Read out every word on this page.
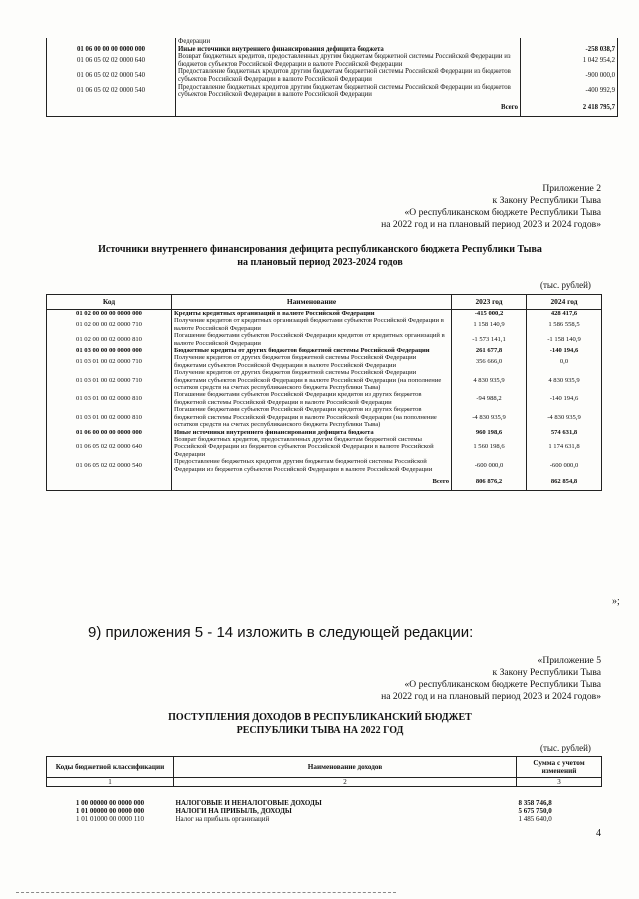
	Федерации	
01 06 00 00 00 0000 000	Иные источники внутреннего финансирования дефицита бюджета	-258 038,7
01 06 05 02 02 0000 640	Возврат бюджетных кредитов, предоставленных другим бюджетам бюджетной системы Российской Федерации из бюджетов субъектов Российской Федерации в валюте Российской Федерации	1 042 954,2
01 06 05 02 02 0000 540	Предоставление бюджетных кредитов другим бюджетам бюджетной системы Российской Федерации из бюджетов субъектов Российской Федерации в валюте Российской Федерации	-900 000,0
01 06 05 02 02 0000 540	Предоставление бюджетных кредитов другим бюджетам бюджетной системы Российской Федерации из бюджетов субъектов Российской Федерации в валюте Российской Федерации	-400 992,9
	Всего	2 418 795,7
Приложение 2
к Закону Республики Тыва
«О республиканском бюджете Республики Тыва
на 2022 год и на плановый период 2023 и 2024 годов»
Источники внутреннего финансирования дефицита республиканского бюджета Республики Тыва
на плановый период 2023-2024 годов
(тыс. рублей)
Код	Наименование	2023 год	2024 год
01 02 00 00 00 0000 000	Кредиты кредитных организаций в валюте Российской Федерации	-415 000,2	428 417,6
01 02 00 00 02 0000 710	Получение кредитов от кредитных организаций бюджетами субъектов Российской Федерации в валюте Российской Федерации	1 158 140,9	1 586 558,5
01 02 00 00 02 0000 810	Погашение бюджетами субъектов Российской Федерации кредитов от кредитных организаций в валюте Российской Федерации	-1 573 141,1	-1 158 140,9
01 03 00 00 00 0000 000	Бюджетные кредиты от других бюджетов бюджетной системы Российской Федерации	261 677,8	-140 194,6
01 03 01 00 02 0000 710	Получение кредитов от других бюджетов бюджетной системы Российской Федерации бюджетами субъектов Российской Федерации в валюте Российской Федерации	356 666,0	0,0
01 03 01 00 02 0000 710	Получение кредитов от других бюджетов бюджетной системы Российской Федерации бюджетами субъектов Российской Федерации в валюте Российской Федерации (на пополнение остатков средств на счетах республиканского бюджета Республики Тыва)	4 830 935,9	4 830 935,9
01 03 01 00 02 0000 810	Погашение бюджетами субъектов Российской Федерации кредитов из других бюджетов бюджетной системы Российской Федерации в валюте Российской Федерации	-94 988,2	-140 194,6
01 03 01 00 02 0000 810	Погашение бюджетами субъектов Российской Федерации кредитов из других бюджетов бюджетной системы Российской Федерации в валюте Российской Федерации (на пополнение остатков средств на счетах республиканского бюджета Республики Тыва)	-4 830 935,9	-4 830 935,9
01 06 00 00 00 0000 000	Иные источники внутреннего финансирования дефицита бюджета	960 198,6	574 631,8
01 06 05 02 02 0000 640	Возврат бюджетных кредитов, предоставленных другим бюджетам бюджетной системы Российской Федерации из бюджетов субъектов Российской Федерации в валюте Российской Федерации	1 560 198,6	1 174 631,8
01 06 05 02 02 0000 540	Предоставление бюджетных кредитов другим бюджетам бюджетной системы Российской Федерации из бюджетов субъектов Российской Федерации в валюте Российской Федерации	-600 000,0	-600 000,0
	Всего	806 876,2	862 854,8
»;
9) приложения 5 - 14 изложить в следующей редакции:
«Приложение 5
к Закону Республики Тыва
«О республиканском бюджете Республики Тыва
на 2022 год и на плановый период 2023 и 2024 годов»
ПОСТУПЛЕНИЯ ДОХОДОВ В РЕСПУБЛИКАНСКИЙ БЮДЖЕТ
РЕСПУБЛИКИ ТЫВА НА 2022 ГОД
(тыс. рублей)
Коды бюджетной классификации	Наименование доходов	Сумма с учетом изменений
1	2	3

1 00 00000 00 0000 000	НАЛОГОВЫЕ И НЕНАЛОГОВЫЕ ДОХОДЫ	8 358 746,8
1 01 00000 00 0000 000	НАЛОГИ НА ПРИБЫЛЬ, ДОХОДЫ	5 675 750,0
1 01 01000 00 0000 110	Налог на прибыль организаций	1 485 640,0
4
